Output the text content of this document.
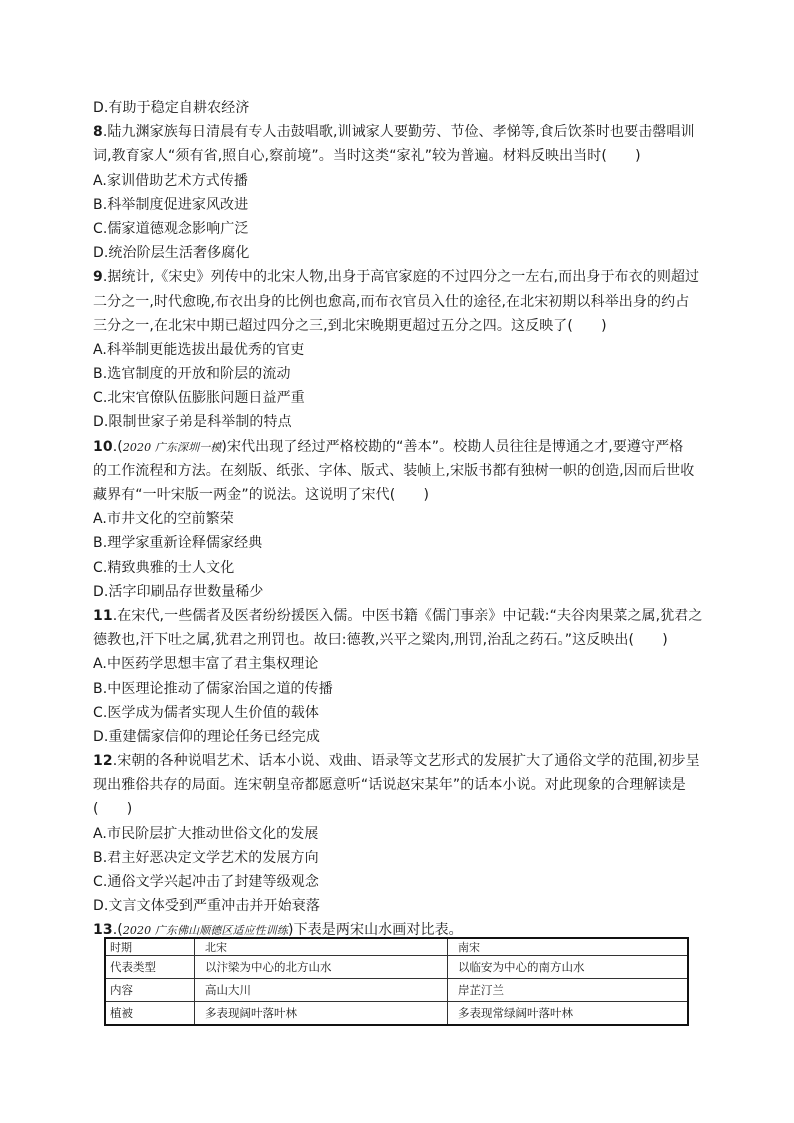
D.有助于稳定自耕农经济
8.陆九渊家族每日清晨有专人击鼓唱歌,训诫家人要勤劳、节俭、孝悌等,食后饮茶时也要击罄唱训
词,教育家人“须有省,照自心,察前境”。当时这类“家礼”较为普遍。材料反映出当时(　　)
A.家训借助艺术方式传播
B.科举制度促进家风改进
C.儒家道德观念影响广泛
D.统治阶层生活奢侈腐化
9.据统计,《宋史》列传中的北宋人物,出身于高官家庭的不过四分之一左右,而出身于布衣的则超过
二分之一,时代愈晚,布衣出身的比例也愈高,而布衣官员入仕的途径,在北宋初期以科举出身的约占
三分之一,在北宋中期已超过四分之三,到北宋晚期更超过五分之四。这反映了(　　)
A.科举制更能选拔出最优秀的官吏
B.选官制度的开放和阶层的流动
C.北宋官僚队伍膨胀问题日益严重
D.限制世家子弟是科举制的特点
10.(2020 广东深圳一模)宋代出现了经过严格校勘的“善本”。校勘人员往往是博通之才,要遵守严格
的工作流程和方法。在刻版、纸张、字体、版式、装帧上,宋版书都有独树一帜的创造,因而后世收
藏界有“一叶宋版一两金”的说法。这说明了宋代(　　)
A.市井文化的空前繁荣
B.理学家重新诠释儒家经典
C.精致典雅的士人文化
D.活字印刷品存世数量稀少
11.在宋代,一些儒者及医者纷纷援医入儒。中医书籍《儒门事亲》中记载:“夫谷肉果菜之属,犹君之
德教也,汗下吐之属,犹君之刑罚也。故曰:德教,兴平之粱肉,刑罚,治乱之药石。”这反映出(　　)
A.中医药学思想丰富了君主集权理论
B.中医理论推动了儒家治国之道的传播
C.医学成为儒者实现人生价值的载体
D.重建儒家信仰的理论任务已经完成
12.宋朝的各种说唱艺术、话本小说、戏曲、语录等文艺形式的发展扩大了通俗文学的范围,初步呈
现出雅俗共存的局面。连宋朝皇帝都愿意听“话说赵宋某年”的话本小说。对此现象的合理解读是
(　　)
A.市民阶层扩大推动世俗文化的发展
B.君主好恶决定文学艺术的发展方向
C.通俗文学兴起冲击了封建等级观念
D.文言文体受到严重冲击并开始衰落
13.(2020 广东佛山顺德区适应性训练)下表是两宋山水画对比表。
时期	北宋	南宋
代表类型	以汴梁为中心的北方山水	以临安为中心的南方山水
内容	高山大川	岸芷汀兰
植被	多表现阔叶落叶林	多表现常绿阔叶落叶林
